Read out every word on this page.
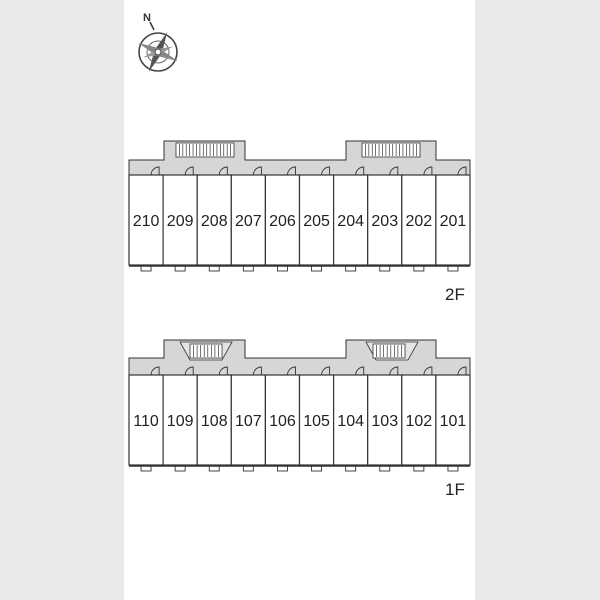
N
210 209 208 207 206 205 204 203 202 201
2F
110 109 108 107 106 105 104 103 102 101
1F
